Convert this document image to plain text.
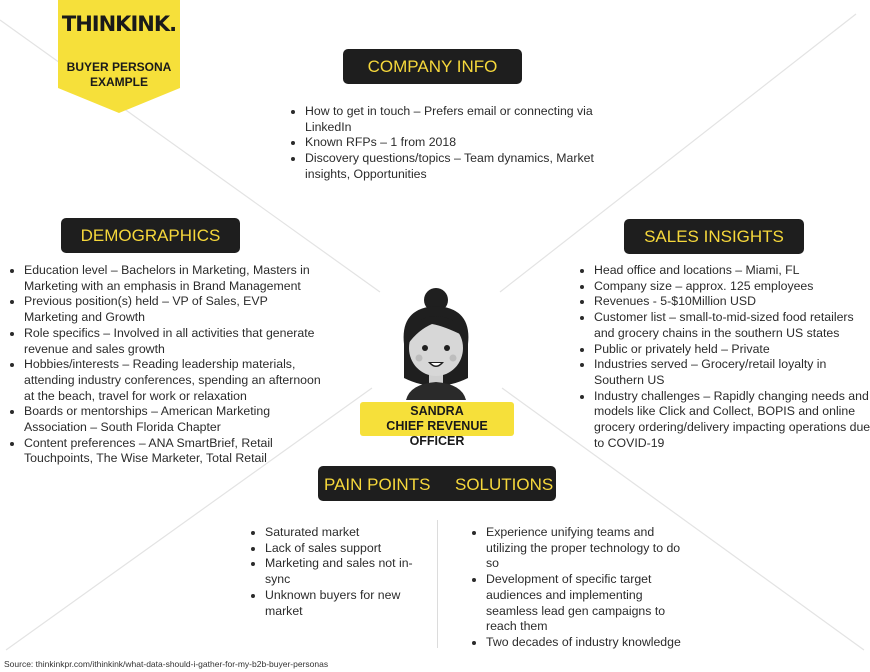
THINKINK.
BUYER PERSONA
EXAMPLE
COMPANY INFO
• How to get in touch – Prefers email or connecting via LinkedIn
• Known RFPs – 1 from 2018
• Discovery questions/topics – Team dynamics, Market insights, Opportunities
DEMOGRAPHICS
• Education level – Bachelors in Marketing, Masters in Marketing with an emphasis in Brand Management
• Previous position(s) held – VP of Sales, EVP Marketing and Growth
• Role specifics – Involved in all activities that generate revenue and sales growth
• Hobbies/interests – Reading leadership materials, attending industry conferences, spending an afternoon at the beach, travel for work or relaxation
• Boards or mentorships – American Marketing Association – South Florida Chapter
• Content preferences – ANA SmartBrief, Retail Touchpoints, The Wise Marketer, Total Retail
SALES INSIGHTS
• Head office and locations – Miami, FL
• Company size – approx. 125 employees
• Revenues - 5-$10Million USD
• Customer list – small-to-mid-sized food retailers and grocery chains in the southern US states
• Public or privately held – Private
• Industries served – Grocery/retail loyalty in Southern US
• Industry challenges – Rapidly changing needs and models like Click and Collect, BOPIS and online grocery ordering/delivery impacting operations due to COVID-19
SANDRA
CHIEF REVENUE OFFICER
PAIN POINTS SOLUTIONS
• Saturated market
• Lack of sales support
• Marketing and sales not in-sync
• Unknown buyers for new market
• Experience unifying teams and utilizing the proper technology to do so
• Development of specific target audiences and implementing seamless lead gen campaigns to reach them
• Two decades of industry knowledge
Source: thinkinkpr.com/ithinkink/what-data-should-i-gather-for-my-b2b-buyer-personas
